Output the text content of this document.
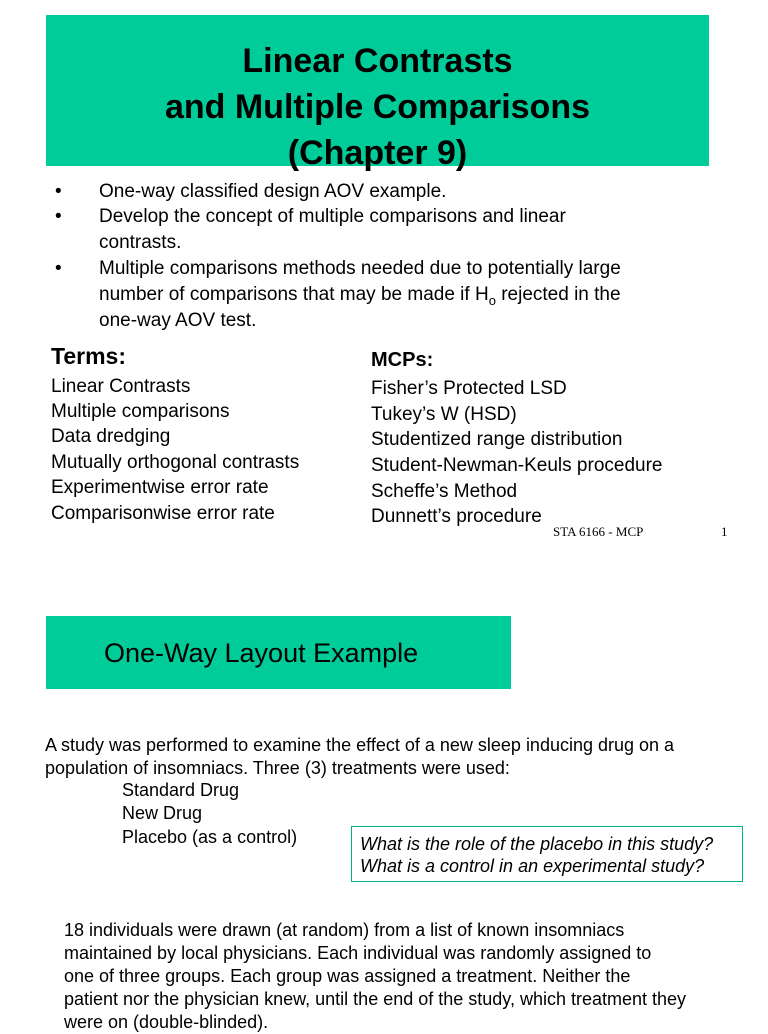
Linear Contrasts
and Multiple Comparisons
(Chapter 9)
• One-way classified design AOV example.
• Develop the concept of multiple comparisons and linear
contrasts.
• Multiple comparisons methods needed due to potentially large
number of comparisons that may be made if $H_o$ rejected in the
one-way AOV test.
Terms:
Linear Contrasts
Multiple comparisons
Data dredging
Mutually orthogonal contrasts
Experimentwise error rate
Comparisonwise error rate
MCPs:
Fisher’s Protected LSD
Tukey’s W (HSD)
Studentized range distribution
Student-Newman-Keuls procedure
Scheffe’s Method
Dunnett’s procedure
STA 6166 - MCP	1
One-Way Layout Example
A study was performed to examine the effect of a new sleep inducing drug on a
population of insomniacs. Three (3) treatments were used:
Standard Drug
New Drug
Placebo (as a control)	What is the role of the placebo in this study?
What is a control in an experimental study?
18 individuals were drawn (at random) from a list of known insomniacs
maintained by local physicians. Each individual was randomly assigned to
one of three groups. Each group was assigned a treatment. Neither the
patient nor the physician knew, until the end of the study, which treatment they
were on (double-blinded).
